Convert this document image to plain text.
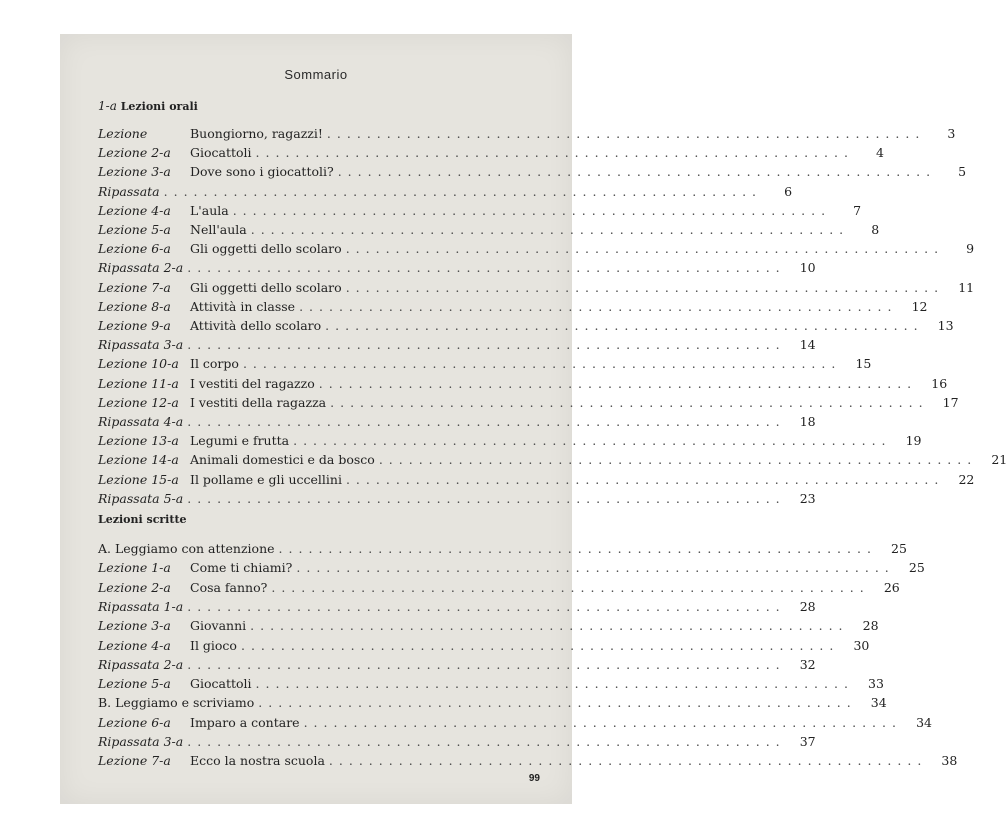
Sommario
1-a Lezioni orali
Lezione	Buongiorno, ragazzi! ............................................................	3
Lezione 2-a	Giocattoli ............................................................	4
Lezione 3-a	Dove sono i giocattoli? ............................................................	5
Ripassata ............................................................	6
Lezione 4-a	L'aula ............................................................	7
Lezione 5-a	Nell'aula ............................................................	8
Lezione 6-a	Gli oggetti dello scolaro ............................................................	9
Ripassata 2-a ............................................................	10
Lezione 7-a	Gli oggetti dello scolaro ............................................................	11
Lezione 8-a	Attività in classe ............................................................	12
Lezione 9-a	Attività dello scolaro ............................................................	13
Ripassata 3-a ............................................................	14
Lezione 10-a Il corpo ............................................................	15
Lezione 11-a I vestiti del ragazzo ............................................................	16
Lezione 12-a I vestiti della ragazza ............................................................	17
Ripassata 4-a ............................................................	18
Lezione 13-a Legumi e frutta ............................................................	19
Lezione 14-a Animali domestici e da bosco ............................................................	21
Lezione 15-a Il pollame e gli uccellini ............................................................	22
Ripassata 5-a ............................................................	23
Lezioni scritte
A. Leggiamo con attenzione ............................................................	25
Lezione 1-a	Come ti chiami? ............................................................	25
Lezione 2-a	Cosa fanno? ............................................................	26
Ripassata 1-a ............................................................	28
Lezione 3-a	Giovanni ............................................................	28
Lezione 4-a	Il gioco ............................................................	30
Ripassata 2-a ............................................................	32
Lezione 5-a	Giocattoli ............................................................	33
B. Leggiamo e scriviamo ............................................................	34
Lezione 6-a	Imparo a contare ............................................................	34
Ripassata 3-a ............................................................	37
Lezione 7-a	Ecco la nostra scuola ............................................................	38
99
